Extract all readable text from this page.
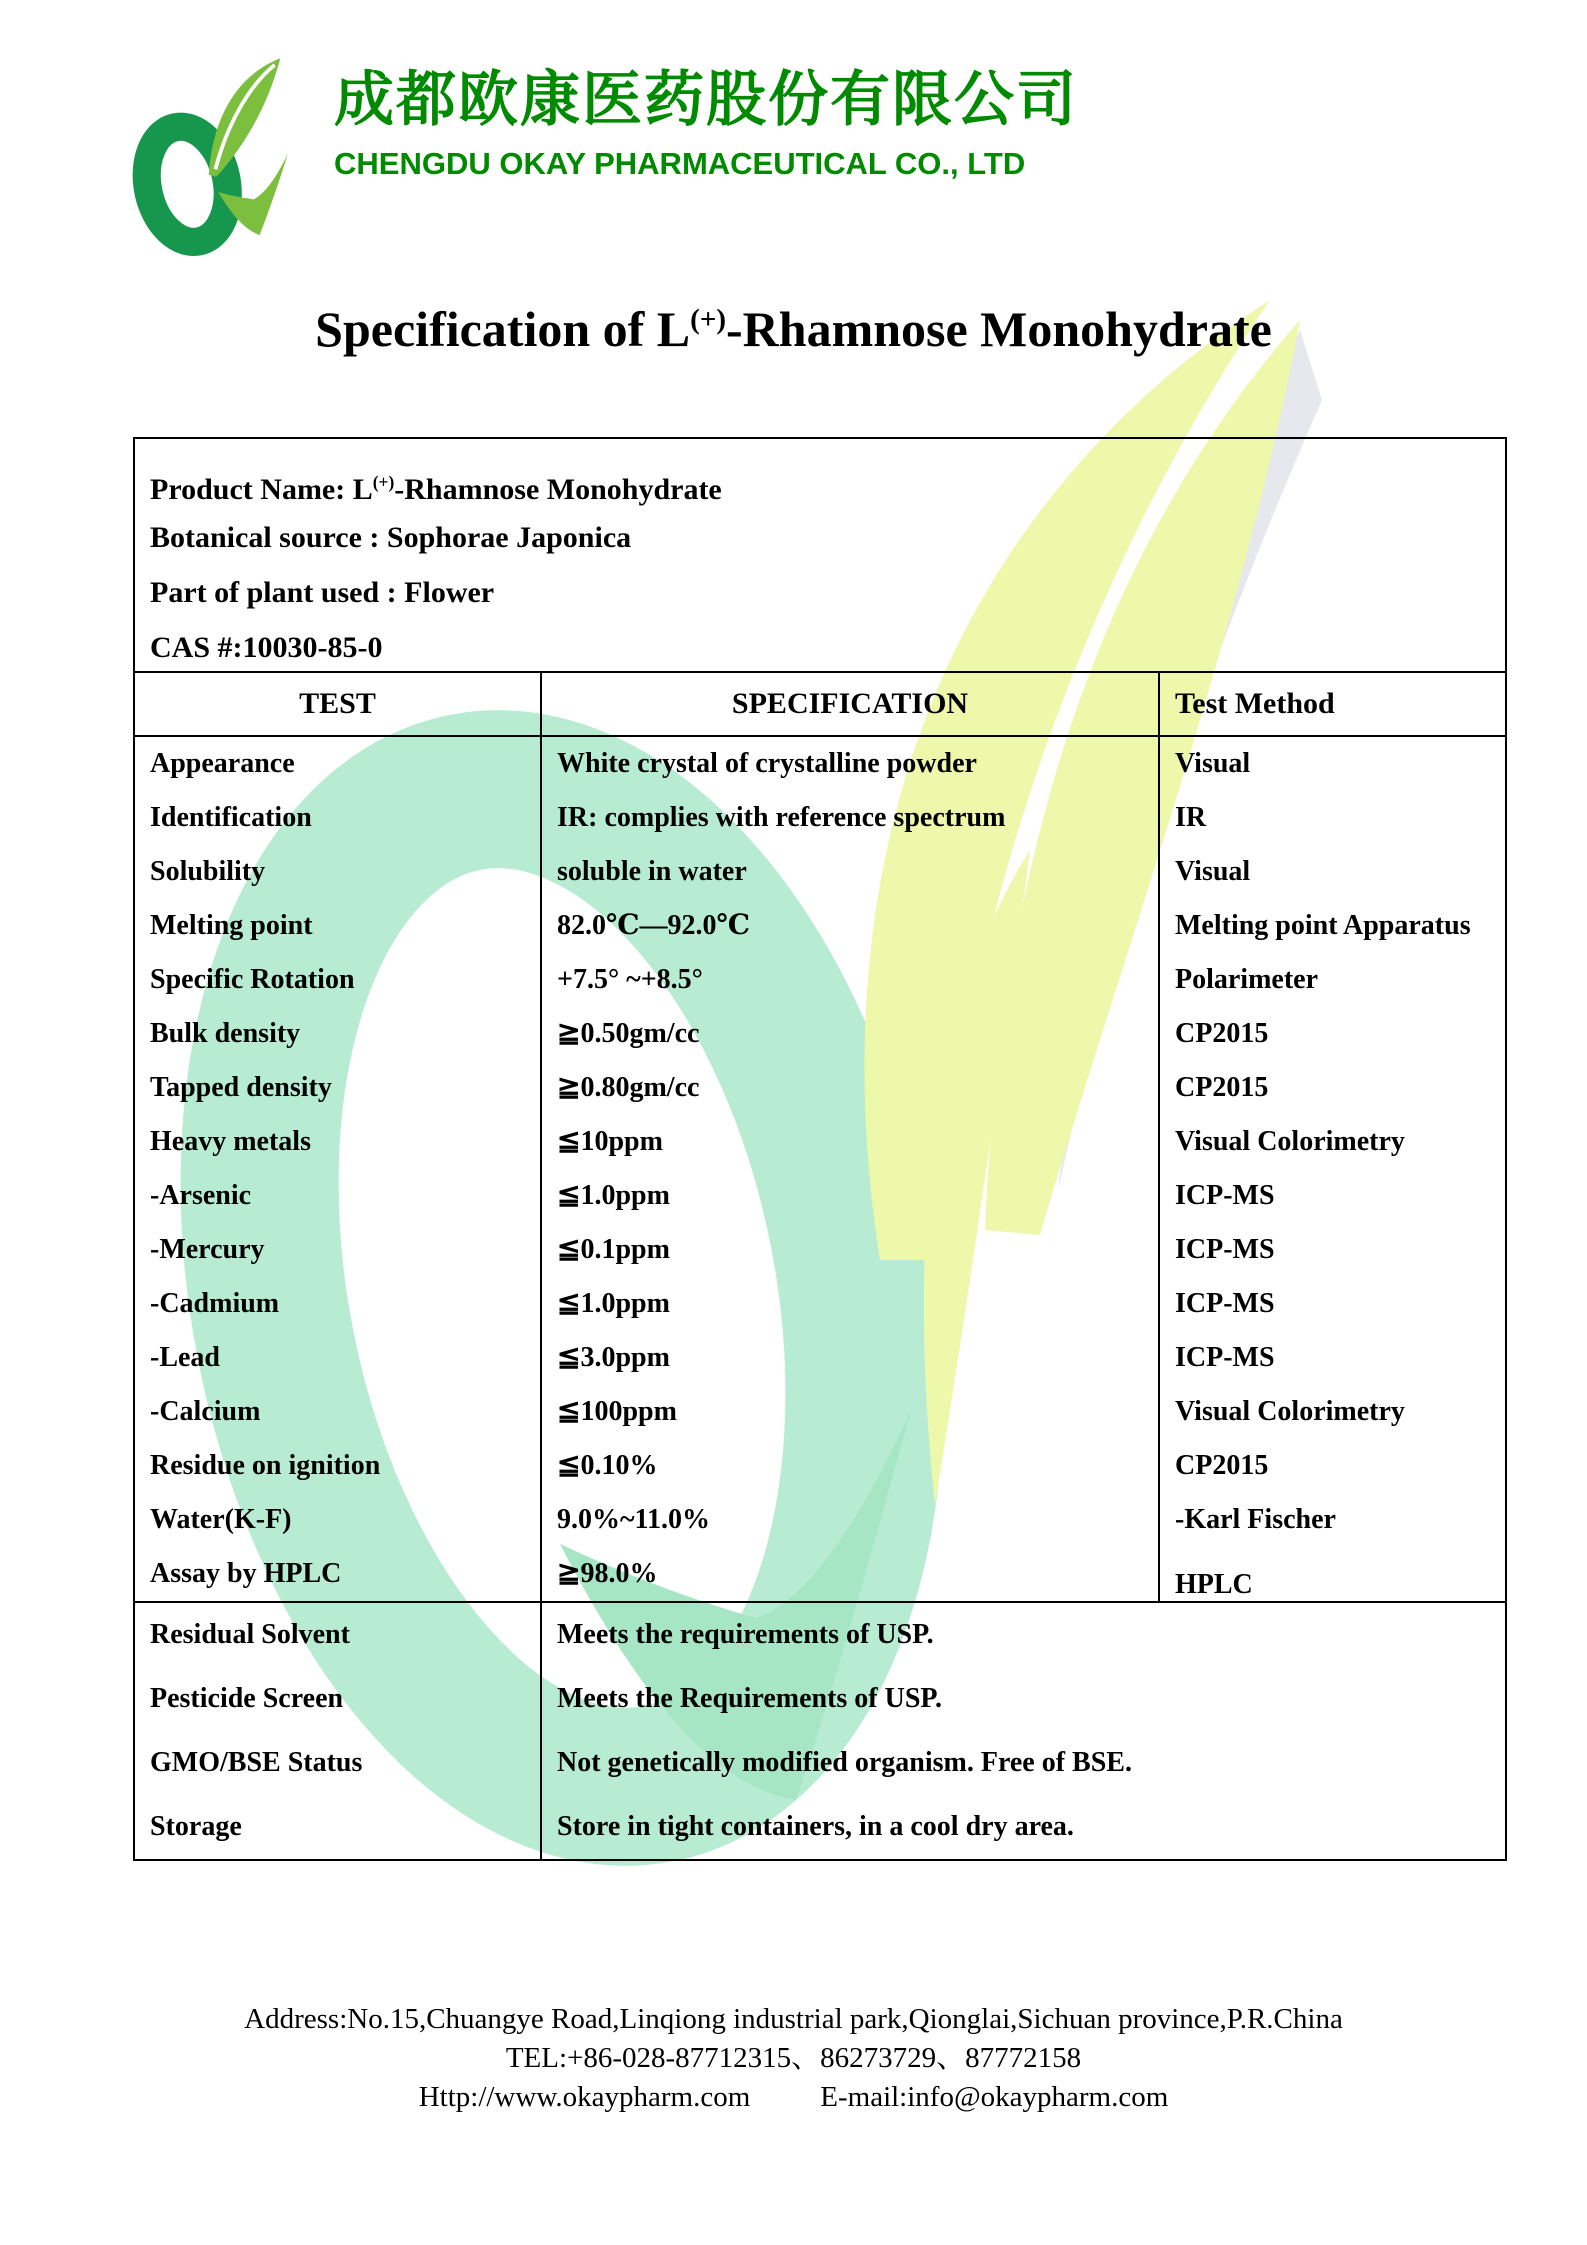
成都欧康医药股份有限公司
CHENGDU OKAY PHARMACEUTICAL CO., LTD
Specification of L(+)-Rhamnose Monohydrate
Product Name: L(+)-Rhamnose Monohydrate
Botanical source : Sophorae Japonica
Part of plant used : Flower
CAS #:10030-85-0
TEST	SPECIFICATION	Test Method
Appearance	White crystal of crystalline powder	Visual
Identification	IR: complies with reference spectrum	IR
Solubility	soluble in water	Visual
Melting point	82.0℃—92.0℃	Melting point Apparatus
Specific Rotation	+7.5° ~+8.5°	Polarimeter
Bulk density	≧0.50gm/cc	CP2015
Tapped density	≧0.80gm/cc	CP2015
Heavy metals	≦10ppm	Visual Colorimetry
-Arsenic	≦1.0ppm	ICP-MS
-Mercury	≦0.1ppm	ICP-MS
-Cadmium	≦1.0ppm	ICP-MS
-Lead	≦3.0ppm	ICP-MS
-Calcium	≦100ppm	Visual Colorimetry
Residue on ignition	≦0.10%	CP2015
Water(K-F)	9.0%~11.0%	-Karl Fischer
Assay by HPLC	≧98.0%	HPLC
Residual Solvent	Meets the requirements of USP.
Pesticide Screen	Meets the Requirements of USP.
GMO/BSE Status	Not genetically modified organism. Free of BSE.
Storage	Store in tight containers, in a cool dry area.
Address:No.15,Chuangye Road,Linqiong industrial park,Qionglai,Sichuan province,P.R.China
TEL:+86-028-87712315、86273729、87772158
Http://www.okaypharm.com E-mail:info@okaypharm.com
